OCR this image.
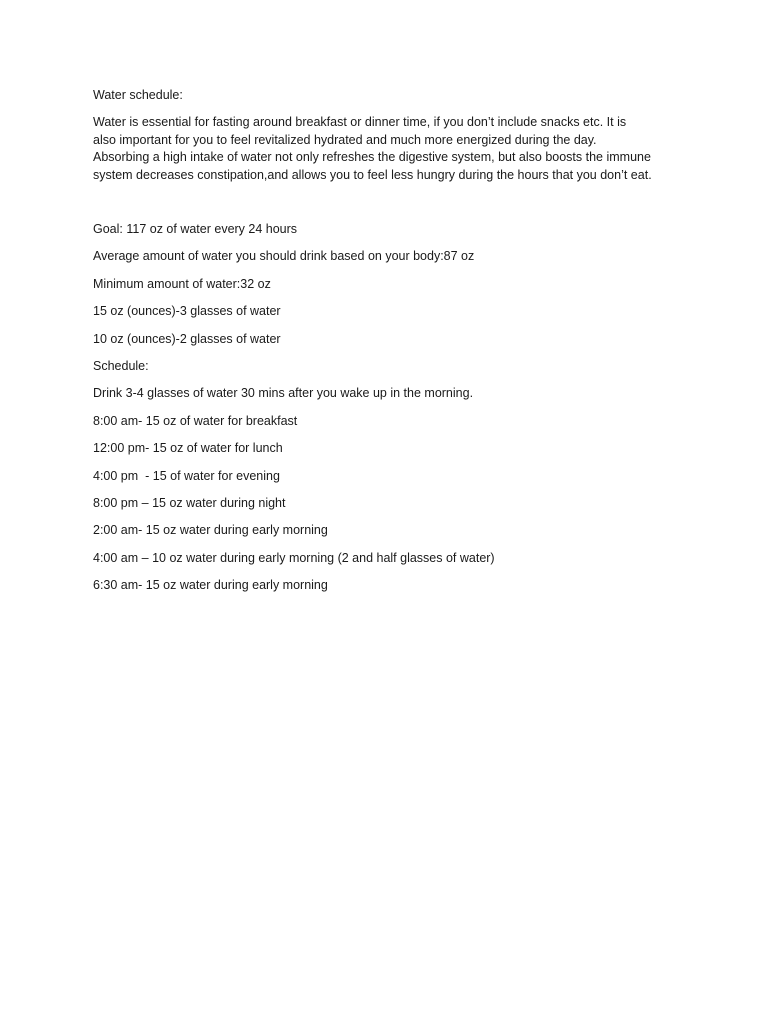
Water schedule:

Water is essential for fasting around breakfast or dinner time, if you don’t include snacks etc. It is
also important for you to feel revitalized hydrated and much more energized during the day.
Absorbing a high intake of water not only refreshes the digestive system, but also boosts the immune
system decreases constipation,and allows you to feel less hungry during the hours that you don’t eat.

Goal: 117 oz of water every 24 hours
Average amount of water you should drink based on your body:87 oz
Minimum amount of water:32 oz
15 oz (ounces)-3 glasses of water
10 oz (ounces)-2 glasses of water
Schedule:
Drink 3-4 glasses of water 30 mins after you wake up in the morning.
8:00 am- 15 oz of water for breakfast
12:00 pm- 15 oz of water for lunch
4:00 pm  - 15 of water for evening
8:00 pm – 15 oz water during night
2:00 am- 15 oz water during early morning
4:00 am – 10 oz water during early morning (2 and half glasses of water)
6:30 am- 15 oz water during early morning
